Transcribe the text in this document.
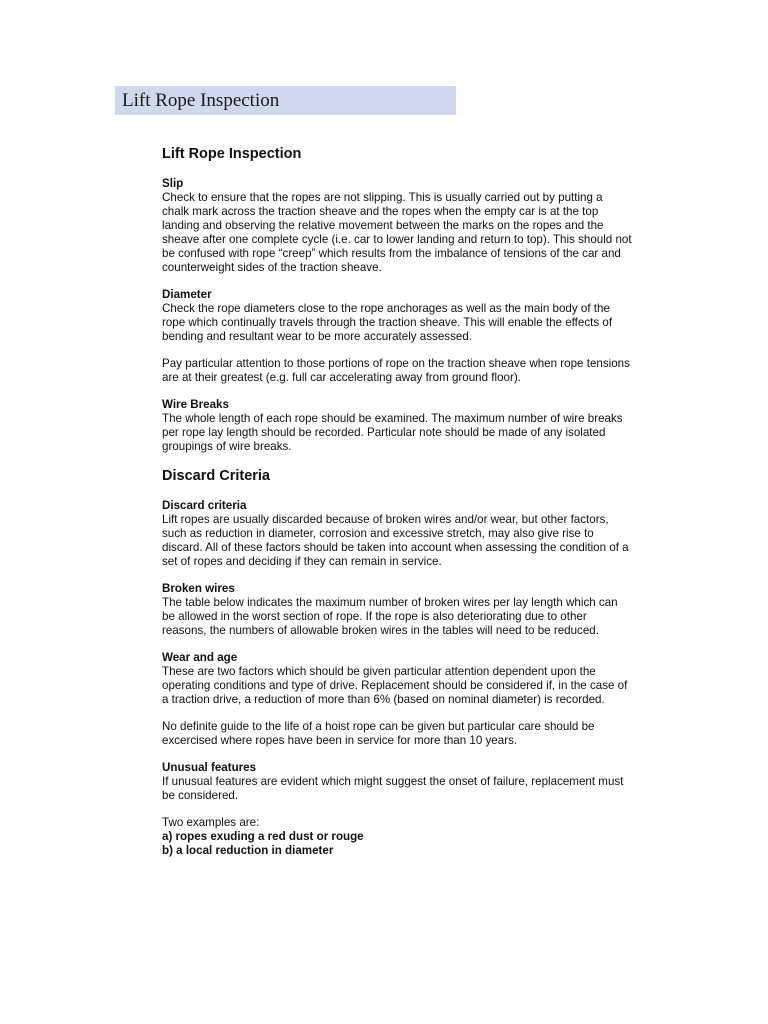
Lift Rope Inspection
Lift Rope Inspection
Slip
Check to ensure that the ropes are not slipping. This is usually carried out by putting a chalk mark across the traction sheave and the ropes when the empty car is at the top landing and observing the relative movement between the marks on the ropes and the sheave after one complete cycle (i.e. car to lower landing and return to top). This should not be confused with rope “creep” which results from the imbalance of tensions of the car and counterweight sides of the traction sheave.
Diameter
Check the rope diameters close to the rope anchorages as well as the main body of the rope which continually travels through the traction sheave. This will enable the effects of bending and resultant wear to be more accurately assessed.

Pay particular attention to those portions of rope on the traction sheave when rope tensions are at their greatest (e.g. full car accelerating away from ground floor).

Wire Breaks
The whole length of each rope should be examined. The maximum number of wire breaks per rope lay length should be recorded. Particular note should be made of any isolated groupings of wire breaks.
Discard Criteria
Discard criteria
Lift ropes are usually discarded because of broken wires and/or wear, but other factors, such as reduction in diameter, corrosion and excessive stretch, may also give rise to discard. All of these factors should be taken into account when assessing the condition of a set of ropes and deciding if they can remain in service.
Broken wires
The table below indicates the maximum number of broken wires per lay length which can be allowed in the worst section of rope. If the rope is also deteriorating due to other reasons, the numbers of allowable broken wires in the tables will need to be reduced.
Wear and age
These are two factors which should be given particular attention dependent upon the operating conditions and type of drive. Replacement should be considered if, in the case of a traction drive, a reduction of more than 6% (based on nominal diameter) is recorded.

No definite guide to the life of a hoist rope can be given but particular care should be excercised where ropes have been in service for more than 10 years.

Unusual features
If unusual features are evident which might suggest the onset of failure, replacement must be considered.
Two examples are:
a) ropes exuding a red dust or rouge
b) a local reduction in diameter
